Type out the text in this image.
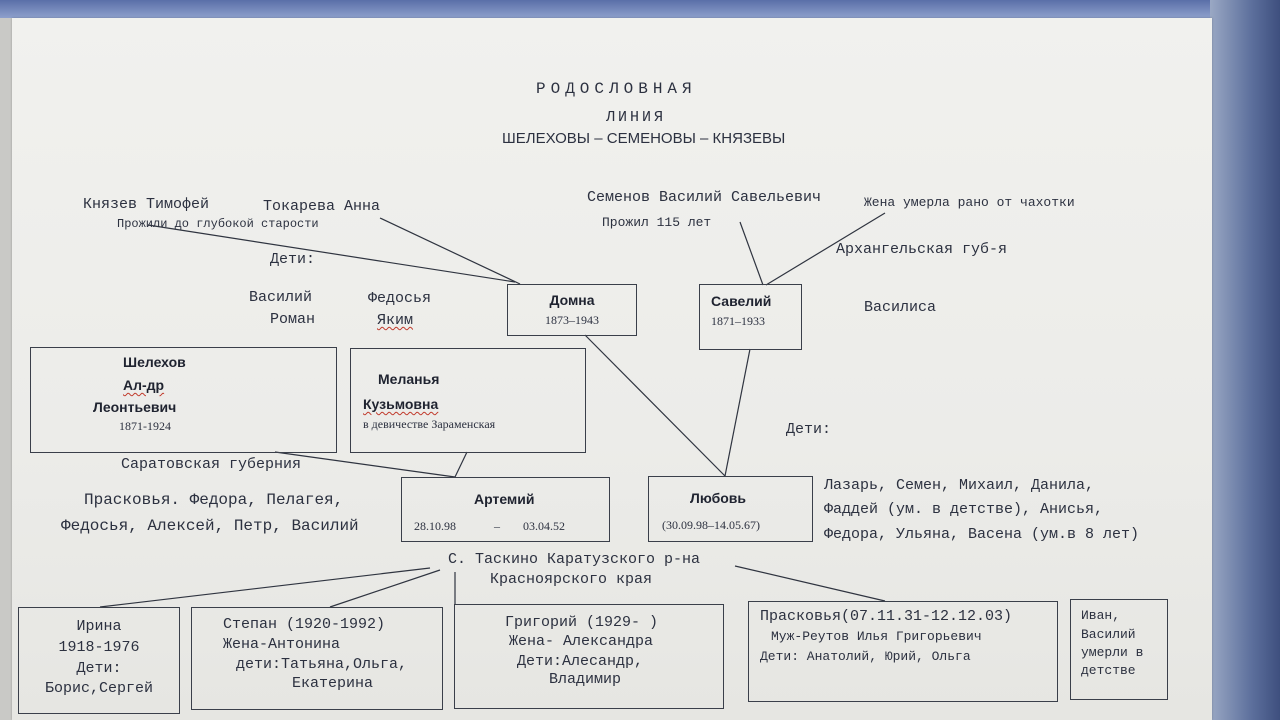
РОДОСЛОВНАЯ
ЛИНИЯ
ШЕЛЕХОВЫ – СЕМЕНОВЫ – КНЯЗЕВЫ
Князев Тимофей	Токарева Анна
Прожили до глубокой старости
Дети:
Василий
Роман
Федосья
Яким
Семенов Василий Савельевич	Жена умерла рано от чахотки
Прожил 115 лет
Архангельская губ-я
Василиса
Домна
1873–1943
Савелий
1871–1933
Шелехов
Ал-др
Леонтьевич
1871-1924
Меланья
Кузьмовна
в девичестве Зараменская
Саратовская губерния
Прасковья. Федора, Пелагея,
Федосья, Алексей, Петр, Василий
Артемий
28.10.98	– 03.04.52
Любовь
(30.09.98–14.05.67)
Дети:
Лазарь, Семен, Михаил, Данила,
Фаддей (ум. в детстве), Анисья,
Федора, Ульяна, Васена (ум.в 8 лет)
С. Таскино Каратузского р-на
Красноярского края
Ирина
1918-1976
Дети:
Борис,Сергей
Степан (1920-1992)
Жена-Антонина
дети:Татьяна,Ольга,
Екатерина
Григорий (1929- )
Жена- Александра
Дети:Алесандр,
Владимир
Прасковья(07.11.31-12.12.03)
Муж-Реутов Илья Григорьевич
Дети: Анатолий, Юрий, Ольга
Иван,
Василий
умерли в
детстве
